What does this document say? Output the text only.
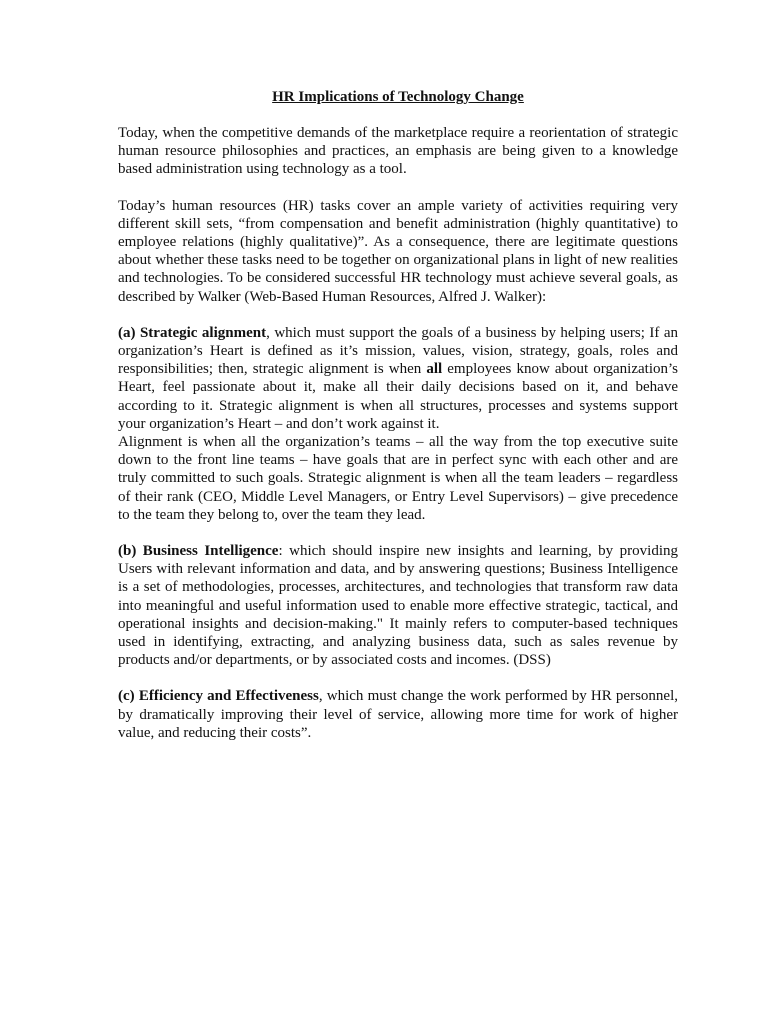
HR Implications of Technology Change

Today, when the competitive demands of the marketplace require a reorientation of strategic human resource philosophies and practices, an emphasis are being given to a knowledge based administration using technology as a tool.

Today’s human resources (HR) tasks cover an ample variety of activities requiring very different skill sets, “from compensation and benefit administration (highly quantitative) to employee relations (highly qualitative)”. As a consequence, there are legitimate questions about whether these tasks need to be together on organizational plans in light of new realities and technologies. To be considered successful HR technology must achieve several goals, as described by Walker (Web-Based Human Resources, Alfred J. Walker):

(a) Strategic alignment, which must support the goals of a business by helping users; If an organization’s Heart is defined as it’s mission, values, vision, strategy, goals, roles and responsibilities; then, strategic alignment is when all employees know about organization’s Heart, feel passionate about it, make all their daily decisions based on it, and behave according to it. Strategic alignment is when all structures, processes and systems support your organization’s Heart – and don’t work against it.

Alignment is when all the organization’s teams – all the way from the top executive suite down to the front line teams – have goals that are in perfect sync with each other and are truly committed to such goals. Strategic alignment is when all the team leaders – regardless of their rank (CEO, Middle Level Managers, or Entry Level Supervisors) – give precedence to the team they belong to, over the team they lead.

(b) Business Intelligence: which should inspire new insights and learning, by providing Users with relevant information and data, and by answering questions; Business Intelligence is a set of methodologies, processes, architectures, and technologies that transform raw data into meaningful and useful information used to enable more effective strategic, tactical, and operational insights and decision-making." It mainly refers to computer-based techniques used in identifying, extracting, and analyzing business data, such as sales revenue by products and/or departments, or by associated costs and incomes. (DSS)

(c) Efficiency and Effectiveness, which must change the work performed by HR personnel, by dramatically improving their level of service, allowing more time for work of higher value, and reducing their costs”.
